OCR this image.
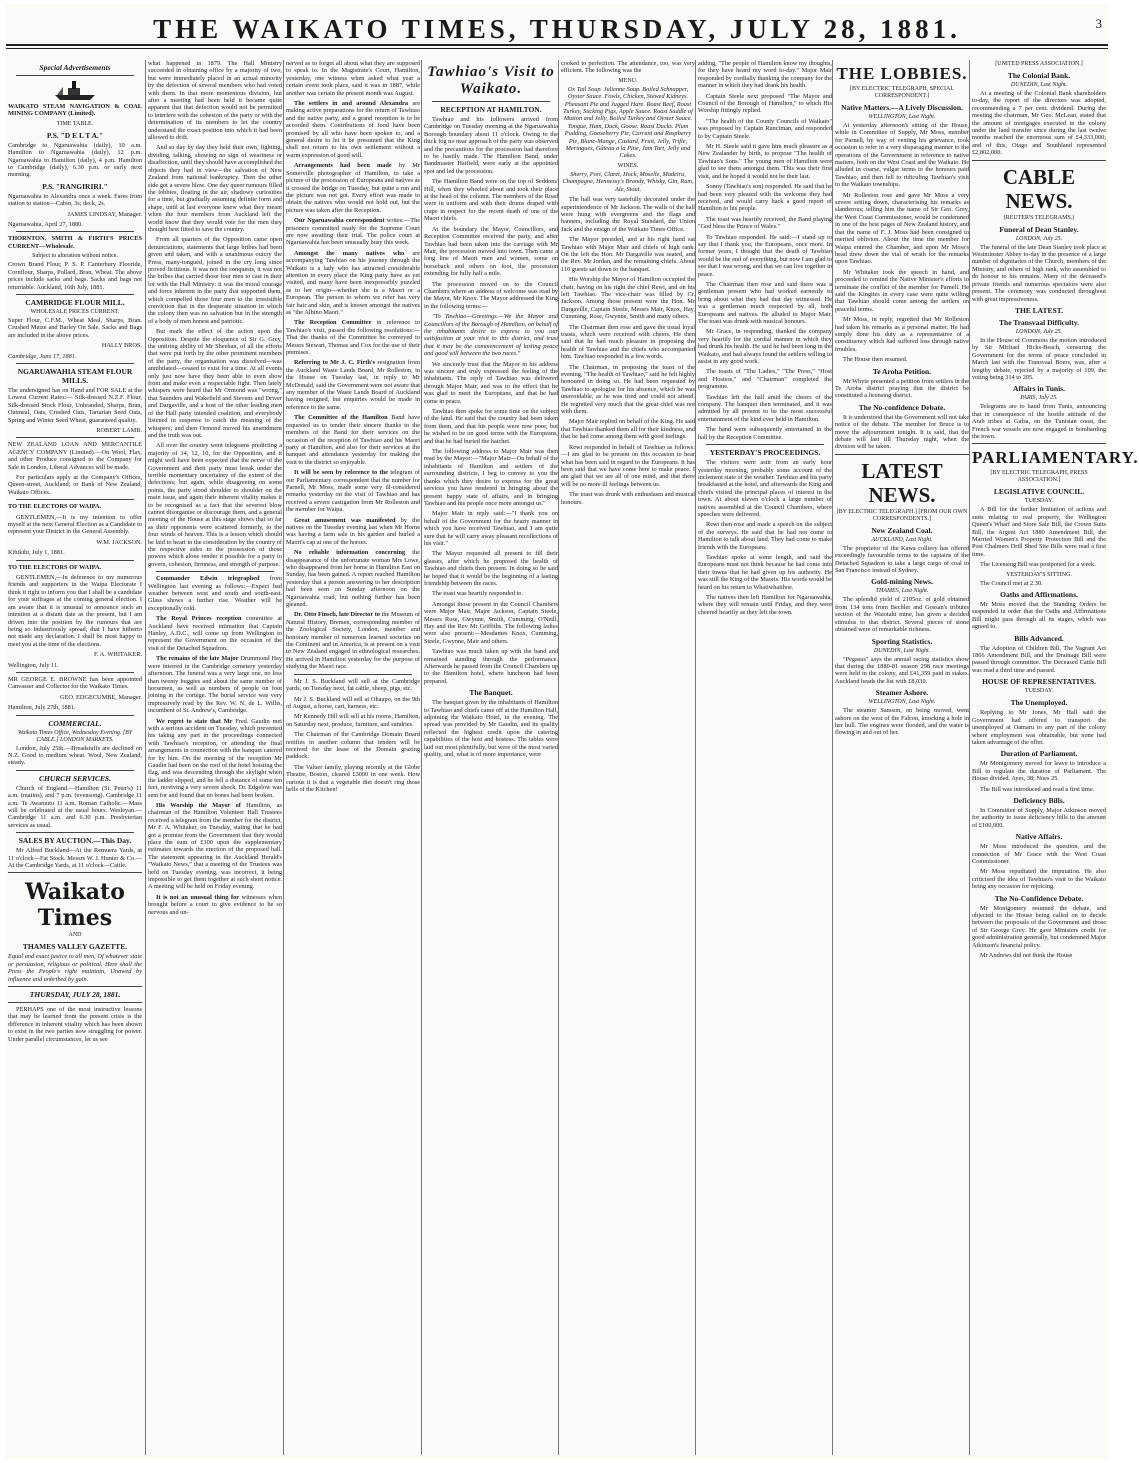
THE WAIKATO TIMES, THURSDAY, JULY 28, 1881.	3
Special Advertisements

WAIKATO STEAM NAVIGATION & COAL MINING COMPANY (Limited).

TIME TABLE.
P.S. "D E L T A."

Cambridge to Ngaruawahia (daily), 10 a.m. Hamilton to Ngaruawahia (daily), 12 p.m. Ngaruawahia to Hamilton (daily), 4 p.m. Hamilton to Cambridge (daily), 6.30 p.m. or early next morning.

P.S. "RANGIRIRI."

Ngaruawahia to Alexandra once a week. Fares from station to station—Cabin, 3s; deck, 2s.

JAMES LINDSAY, Manager.

Ngaruawahia, April 27, 1880.

THORNTON, SMITH & FIRTH'S PRICES CURRENT—Wholesale.

Subject to alteration without notice.

Crown Brand Flour, P. S. P. Canterbury Flooride, Cornflour, Sharps, Pollard, Bran, Wheat. The above prices include sacks and bags. Sacks and bags not returnable. Auckland, 16th July, 1881.

CAMBRIDGE FLOUR MILL.
WHOLESALE PRICES CURRENT.

Super Flour, C.F.M., Wheat Meal, Sharps, Bran. Crushed Maize and Barley On Sale. Sacks and Bags are included in the above prices.

HALLY BROS.

Cambridge, June 17, 1881.

NGARUAWAHIA STEAM FLOUR MILLS.

The undersigned has on Hand and FOR SALE at the Lowest Current Rates:— Silk-dressed N.Z.F. Flour, Silk-dressed Stock Flour, Unbranded, Sharps, Bran, Oatmeal, Oats, Crushed Oats, Tartarian Seed Oats, Spring and Winter Seed Wheat, guaranteed quality.

ROBERT LAMB.

NEW ZEALAND LOAN AND MERCANTILE AGENCY COMPANY (Limited).—On Wool, Flax, and other Produce consigned to the Company for Sale in London, Liberal Advances will be made.

For particulars apply at the Company's Offices, Queen-street, Auckland; or Bank of New Zealand, Waikato Offices.

TO THE ELECTORS OF WAIPA.

GENTLEMEN,—It is my intention to offer myself at the next General Election as a Candidate to represent your District in the General Assembly.

W.M. JACKSON.

Kihikihi, July 1, 1881.

TO THE ELECTORS OF WAIPA.

GENTLEMEN,—In deference to my numerous friends and supporters in the Waipa Electorate I think it right to inform you that I shall be a candidate for your suffrages at the coming general election. I am aware that it is unusual to announce such an intention at a distant date as the present, but I am driven into the position by the rumours that are being so industriously spread, that I have hitherto not made any declaration. I shall be most happy to meet you at the time of the elections.

F. A. WHITAKER.

Wellington, July 11.

MR GEORGE E. BROWNE has been appointed Canvasser and Collector for the Waikato Times.

GEO. EDGECUMBE, Manager.

Hamilton, July 27th, 1881.

COMMERCIAL.
Waikato Times Office, Wednesday Evening. [BY CABLE.] LONDON MARKETS.

London, July 25th.—Breadstuffs are declined on N.Z. Good to medium wheat. Wool, New Zealand, steady.

CHURCH SERVICES.

Church of England.—Hamilton (St. Peter's) 11 a.m. (matins), and 7 p.m. (evensong). Cambridge 11 a.m. Te Awamutu 11 a.m. Roman Catholic.—Mass will be celebrated at the usual hours. Wesleyan.—Cambridge 11 a.m. and 6.30 p.m. Presbyterian services as usual.

SALES BY AUCTION.—This Day.

Mr Alfred Buckland—At the Remuera Yards, at 11 o'clock—Fat Stock. Messrs W. J. Hunter & Co.—At the Cambridge Yards, at 11 o'clock—Cattle.

Waikato Times
AND
THAMES VALLEY GAZETTE.

Equal and exact justice to all men, Of whatever state or persuasion, religious or political. Here shall the Press the People's right maintain, Unawed by influence and unbribed by gain.

THURSDAY, JULY 28, 1881.

PERHAPS one of the most instructive lessons that may be learned from the present crisis is the difference in inherent vitality which has been shown to exist in the two parties now struggling for power. Under parallel circumstances, let us see

what happened in 1879. The Hall Ministry succeeded in obtaining office by a majority of two, but were immediately placed in an actual minority by the defection of several members who had voted with them. In that more momentous division, but after a meeting had been held it became quite apparent that that defection would not be permitted to interfere with the cohesion of the party or with the determination of its members to let the country understand the exact position into which it had been allowed to drift.

And so day by day they held their own, fighting, dividing, talking, showing no sign of weariness or disaffection, until they should have accomplished the objects they had in view—the salvation of New Zealand from national bankruptcy. Then the other side got a severe blow. One day queer rumours filled the lobbies, floating in the air, shadowy curiosities for a time, but gradually assuming definite form and shape, until at last everyone knew what they meant when the four members from Auckland left the world know that they would vote for the men they thought best fitted to save the country.

From all quarters of the Opposition came open denunciations, statements that large bribes had been given and taken, and with a unanimous outcry the Press, many-tongued, joined in the cry long since proved fictitious. It was not the conquests, it was not the bribes that carried those four men to cast in their lot with the Hall Ministry: it was the moral courage and force inherent in the party that supported them, which compelled those four men to the irresistible conviction that in the desperate situation in which the colony then was no salvation but in the strength of a body of men honest and patriotic.

But mark the effect of the action upon the Opposition. Despite the eloquence of Sir G. Grey, the untiring ability of Mr Sheehan, of all the efforts that were put forth by the other prominent members of the party, the organisation was dissolved—was annihilated—ceased to exist for a time. At all events only just now have they been able to even show front and make even a respectable fight. Then lately whispers were heard that Mr Ormond was "wrong," that Saunders and Wakefield and Stevens and Driver and Dargaville, and a host of the other leading men of the Hall party intended coalition, and everybody listened in suspense to catch the meaning of the whispers; and then Ormond moved his amendment and the truth was out.

All over the country went telegrams predicting a majority of 14, 12, 10, for the Opposition, and it might well have been expected that the nerve of the Government and their party must break under the terrible momentary uncertainty of the extent of the defections; but again, while disagreeing on some points, the party stood shoulder to shoulder on the main issue, and again their inherent vitality makes it to be recognised as a fact that the severest blow cannot disorganise or discourage them, and a general meeting of the House at this stage shows that so far as their opponents were scattered formerly, to the four winds of heaven. This is a lesson which should be laid to heart in the consideration by the country of the respective sides to the possession of those powers which alone render it possible for a party to govern, cohesion, firmness, and strength of purpose.

Commander Edwin telegraphed from Wellington last evening as follows:—Expect bad weather between west and south and south-east. Glass shows a further rise. Weather will be exceptionally cold.

The Royal Princes reception committee at Auckland have received intimation that Captain Hanley, A.D.C., will come up from Wellington to represent the Government on the occasion of the visit of the Detached Squadron.

The remains of the late Major Drummond Hay were interred in the Cambridge cemetery yesterday afternoon. The funeral was a very large one, no less than twenty buggies and about the same number of horsemen, as well as numbers of people on foot joining in the cortège. The burial service was very impressively read by the Rev. W. N. de L. Willis, incumbent of St. Andrew's, Cambridge.

We regret to state that Mr Fred. Gaudin met with a serious accident on Tuesday, which prevented his taking any part in the proceedings connected with Tawhiao's reception, or attending the final arrangements in connection with the banquet catered for by him. On the morning of the reception Mr Gaudin had been on the roof of the hotel hoisting the flag, and was descending through the skylight when the ladder slipped, and he fell a distance of some ten feet, receiving a very severe shock. Dr. Edgelow was sent for and found that no bones had been broken.

His Worship the Mayor of Hamilton, as chairman of the Hamilton Volunteer Hall Trustees received a telegram from the member for the district, Mr F. A. Whitaker, on Tuesday, stating that he had got a promise from the Government that they would place the sum of £100 upon the supplementary estimates towards the erection of the proposed hall. The statement appearing in the Auckland Herald's "Waikato News," that a meeting of the Trustees was held on Tuesday evening, was incorrect, it being impossible to get them together at such short notice. A meeting will be held on Friday evening.

It is not an unusual thing for witnesses when brought before a court to give evidence to be so nervous and un-

nerved as to forget all about what they are supposed to speak to. In the Magistrate's Court, Hamilton, yesterday, one witness when asked what year a certain event took place, said it was in 1887, while another was certain the present month was August.

The settlers in and around Alexandra are making active preparations for the return of Tawhiao and the native party, and a grand reception is to be accorded them. Contributions of food have been promised by all who have been spoken to, and a general desire to let it be presumed that the King shall not return to his own settlement without a warm expression of good will.

Arrangements had been made by Mr Somerville photographer of Hamilton, to take a picture of the procession of Europeans and natives as it crossed the bridge on Tuesday, but quite a run and the picture was not got. Every effort was made to obtain the natives who would not hold out, but the picture was taken after the Reception.

Our Ngaruawahia correspondent writes:—The prisoners committed ready for the Supreme Court are now awaiting their trial. The police court at Ngaruawahia has been unusually busy this week.

Amongst the many natives who are accompanying Tawhiao on his journey through the Waikato is a lady who has attracted considerable attention in every place the King party have as yet visited, and many have been inexpressibly puzzled as to her origin—whether she is a Maori or a European. The person to whom we refer has very fair hair and skin, and is known amongst the natives as "the Albino Maori."

The Reception Committee in reference to Tawhiao's visit, passed the following resolutions:—That the thanks of the Committee be conveyed to Messrs Stewart, Thomas and Cox for the use of their premises.

Referring to Mr J. C. Firth's resignation from the Auckland Waste Lands Board, Mr Rolleston, in the House on Tuesday last, in reply to Mr McDonald, said the Government were not aware that any member of the Waste Lands Board of Auckland having resigned, but enquiries would be made in reference to the same.

The Committee of the Hamilton Band have requested us to tender their sincere thanks to the members of the Band for their services on the occasion of the reception of Tawhiao and his Maori party at Hamilton, and also for their services at the banquet and attendance yesterday for making the visit to the district so enjoyable.

It will be seen by reference to the telegram of our Parliamentary correspondent that the number for Parnell, Mr Moss, made some very ill-considered remarks yesterday on the visit of Tawhiao and has received a severe castigation from Mr Rolleston and the member for Waipa.

Great amusement was manifested by the natives on the Tuesday evening last when Mr Horne was having a farm sale in his garden and hurled a Maori's cap at one of the horses.

No reliable information concerning the disappearance of the unfortunate woman Mrs Lowe, who disappeared from her home in Hamilton East on Sunday, has been gained. A report reached Hamilton yesterday that a person answering to her description had been seen on Sunday afternoon on the Ngaruawahia road, but nothing further has been gleaned.

Dr. Otto Finsch, late Director to the Museum of Natural History, Bremen, corresponding member of the Zoological Society, London, member and honorary member of numerous learned societies on the Continent and in America, is at present on a visit to New Zealand engaged in ethnological researches. He arrived in Hamilton yesterday for the purpose of studying the Maori race.

Mr J. S. Buckland will sell at the Cambridge yards, on Tuesday next, fat cattle, sheep, pigs, etc.

Mr J. S. Buckland will sell at Ohaupo, on the 9th of August, a horse, cart, harness, etc.

Mr Kennedy Hill will sell at his rooms, Hamilton, on Saturday next, produce, furniture, and sundries.

The Chairman of the Cambridge Domain Board notifies in another column that tenders will be received for the lease of the Domain grazing paddock.

The Valuer family, playing recently at the Globe Theatre, Boston, cleared £3000 in one week. How curious it is that a vegetable diet doesn't ring those bells of the Kitchen!

Tawhiao's Visit to Waikato.
RECEPTION AT HAMILTON.

Tawhiao and his followers arrived from Cambridge on Tuesday morning at the Ngaruawahia Borough boundary about 11 o'clock. Owing to the thick fog no near approach of the party was observed and the precautions for the procession had therefore to be hastily made. The Hamilton Band, under Bandmaster Hatfield, were early at the appointed spot and led the procession.

The Hamilton Band were on the top of Seddons' Hill, when they wheeled about and took their place at the head of the column. The members of the Road were in uniform and with their drums draped with crape in respect for the recent death of one of the Maori chiefs.

At the boundary the Mayor, Councillors, and Reception Committee received the party, and after Tawhiao had been taken into the carriage with Mr Mair, the procession moved into town. Then came a long line of Maori men and women, some on horseback and others on foot, the procession extending for fully half a mile.

The procession moved on to the Council Chambers where an address of welcome was read by the Mayor, Mr Knox. The Mayor addressed the King in the following terms:—

"To Tawhiao—Greetings.—We the Mayor and Councillors of the Borough of Hamilton, on behalf of the inhabitants desire to express to you our satisfaction at your visit to this district, and trust that it may be the commencement of lasting peace and good will between the two races."

We sincerely trust that the Mayor in his address was sincere and truly expressed the feeling of the inhabitants. The reply of Tawhiao was delivered through Major Mair, and was to the effect that he was glad to meet the Europeans, and that he had come in peace.

Tawhiao then spoke for some time on the subject of the land. He said that the country had been taken from them, and that his people were now poor, but he wished to be on good terms with the Europeans, and that he had buried the hatchet.

The following address to Major Mair was then read by the Mayor:—"Major Mair—On behalf of the inhabitants of Hamilton and settlers of the surrounding districts, I beg to convey to you the thanks which they desire to express for the great services you have rendered in bringing about the present happy state of affairs, and in bringing Tawhiao and his people once more amongst us."

Major Mair in reply said:—"I thank you on behalf of the Government for the hearty manner in which you have received Tawhiao, and I am quite sure that he will carry away pleasant recollections of his visit."

The Mayor requested all present to fill their glasses, after which he proposed the health of Tawhiao and chiefs then present. In doing so he said he hoped that it would be the beginning of a lasting friendship between the races.

The toast was heartily responded to.

Amongst those present in the Council Chambers were Major Mair, Major Jackson, Captain Steele, Messrs Rose, Gwynne, Smith, Cumming, O'Neill, Hay and the Rev Mr Griffiths. The following ladies were also present:—Mesdames Knox, Cumming, Steele, Gwynne, Mair and others.

Tawhiao was much taken up with the band and remained standing through the performance. Afterwards he passed from the Council Chambers up to the Hamilton hotel, where luncheon had been prepared.

The Banquet.

The banquet given by the inhabitants of Hamilton to Tawhiao and chiefs came off at the Hamilton Hall, adjoining the Waikato Hotel, in the evening. The spread was provided by Mr Gaudin, and its quality reflected the highest credit upon the catering capabilities of the host and hostess. The tables were laid out most plentifully, but were of the most varied quality, and, what is of more importance, were

cooked to perfection. The attendance, too, was very efficient. The following was the

MENU.

Ox Tail Soup. Julienne Soup. Boiled Schnapper, Oyster Sauce. Fowls, Chicken, Stewed Kidneys. Pheasant Pie and Jugged Hare. Roast Beef, Roast Turkey, Sucking Pigs, Apple Sauce. Roast Saddle of Mutton and Jelly, Boiled Turkey and Oyster Sauce. Tongue, Ham, Duck, Goose. Roast Ducks. Plum Pudding, Gooseberry Pie, Currant and Raspberry Pie, Blanc-Mange, Custard, Fruit, Jelly, Trifle, Meringues, Gâteau a la Pine, Jam Tart, Jelly and Cakes.

WINES.

Sherry, Port, Claret, Hock, Moselle, Madeira, Champagne, Hennessy's Brandy, Whisky, Gin, Rum, Ale, Stout.

The hall was very tastefully decorated under the superintendence of Mr Jackson. The walls of the hall were hung with evergreens and the flags and banners, including the Royal Standard, the Union Jack and the ensign of the Waikato Times Office.

The Mayor presided, and at his right hand sat Tawhiao with Major Mair and chiefs of high rank. On the left the Hon. Mr Dargaville was seated, and the Rev. Mr Jordan, and the remaining chiefs. About 110 guests sat down to the banquet.

His Worship the Mayor of Hamilton occupied the chair, having on his right the chief Rewi, and on his left Tawhiao. The vice-chair was filled by Cr. Jackson. Among those present were the Hon. Mr Dargaville, Captain Steele, Messrs Mair, Knox, Hay, Cumming, Rose, Gwynne, Smith and many others.

The Chairman then rose and gave the usual loyal toasts, which were received with cheers. He then said that he had much pleasure in proposing the health of Tawhiao and the chiefs who accompanied him. Tawhiao responded in a few words.

The Chairman, in proposing the toast of the evening, "The health of Tawhiao," said he felt highly honoured in doing so. He had been requested by Tawhiao to apologise for his absence, which he was unavoidable, as he was tired and could not attend. He regretted very much that the great chief was not with them.

Major Mair replied on behalf of the King. He said that Tawhiao thanked them all for their kindness, and that he had come among them with good feelings.

Rewi responded in behalf of Tawhiao as follows:—I am glad to be present on this occasion to hear what has been said in regard to the Europeans. It has been said that we have come here to make peace. I am glad that we are all of one mind, and that there will be no more ill feelings between us.

The toast was drunk with enthusiasm and musical honours.

adding, "The people of Hamilton know my thoughts, for they have heard my word to-day." Major Mair responded by cordially thanking the company for the manner in which they had drank his health.

Captain Steele next proposed "The Mayor and Council of the Borough of Hamilton," to which His Worship fittingly replied.

"The health of the County Councils of Waikato" was proposed by Captain Runciman, and responded to by Captain Steele.

Mr H. Steele said it gave him much pleasure as a New Zealander by birth, to propose "The health of Tawhiao's Sons." The young men of Hamilton were glad to see them amongst them. This was their first visit, and he hoped it would not be their last.

Sonny (Tawhiao's son) responded. He said that he had been very pleased with the welcome they had received, and would carry back a good report of Hamilton to his people.

The toast was heartily received, the Band playing "God bless the Prince of Wales."

To Tawhiao responded. He said:—I stand up to say that I thank you, the Europeans, once more. In former years, I thought that the death of Tawhiao would be the end of everything, but now I am glad to see that I was wrong, and that we can live together in peace.

The Chairman then rose and said there was a gentleman present who had worked earnestly to bring about what they had that day witnessed. He was a gentleman much respected by all, both Europeans and natives. He alluded to Major Mair. The toast was drunk with musical honours.

Mr Grace, in responding, thanked the company very heartily for the cordial manner in which they had drunk his health. He said he had been long in the Waikato, and had always found the settlers willing to assist in any good work.

The toasts of "The Ladies," "The Press," "Host and Hostess," and "Chairman" completed the programme.

Tawhiao left the hall amid the cheers of the company. The banquet then terminated, and it was admitted by all present to be the most successful entertainment of the kind ever held in Hamilton.

The band were subsequently entertained in the hall by the Reception Committee.

YESTERDAY'S PROCEEDINGS.

The visitors were astir from an early hour yesterday morning, probably some account of the inclement state of the weather. Tawhiao and his party breakfasted at the hotel, and afterwards the King and chiefs visited the principal places of interest in the town. At about eleven o'clock a large number of natives assembled at the Council Chambers, where speeches were delivered.

Rewi then rose and made a speech on the subject of the surveys. He said that he had not come to Hamilton to talk about land. They had come to make friends with the Europeans.

Tawhiao spoke at some length, and said the Europeans must not think because he had come into their towns that he had given up his authority. He was still the King of the Maoris. His words would be heard on his return to Whatiwhatihoe.

The natives then left Hamilton for Ngaruawahia, where they will remain until Friday, and they were cheered heartily as they left the town.

THE LOBBIES.
[BY ELECTRIC TELEGRAPH, SPECIAL CORRESPONDENT.]
Native Matters.—A Lively Discussion.
WELLINGTON, Last Night.

At yesterday afternoon's sitting of the House, while in Committee of Supply, Mr Moss, member for Parnell, by way of venting his grievance, took occasion to refer in a very disparaging manner to the operations of the Government in reference to native matters, both on the West Coast and the Waikato. He alluded in coarse, vulgar terms to the honours paid Tawhiao, and then fell to ridiculing Tawhiao's visit to the Waikato townships.

Mr Rolleston rose and gave Mr Moss a very severe setting down, characterising his remarks as slanderous; telling him the name of Sir Geo. Grey, the West Coast Commissioner, would be condemned in one of the best pages of New Zealand history, and that the name of F. J. Moss had been consigned to merited oblivion. About the time the member for Waipa entered the Chamber, and upon Mr Moss's head drew down the vial of wrath for the remarks upon Tawhiao.

Mr Whitaker took the speech in hand, and proceeded to remind the Native Minister's efforts to terminate the conflict of the member for Parnell. He said the Kingites in every case were quite willing that Tawhiao should come among the settlers on peaceful terms.

Mr Moss, in reply, regretted that Mr Rolleston had taken his remarks as a personal matter. He had simply done his duty as a representative of a constituency which had suffered loss through native troubles.

The House then resumed.

Te Aroha Petition.

Mr Whyte presented a petition from settlers in the Te Aroha district praying that the district be constituted a licensing district.

The No-confidence Debate.

It is understood that the Government will not take notice of the debate. The member for Bruce is to move the adjournment tonight. It is said, that the debate will last till Thursday night, when the division will be taken.

LATEST NEWS.
[BY ELECTRIC TELEGRAPH.] [FROM OUR OWN CORRESPONDENTS.]
New Zealand Coal.
AUCKLAND, Last Night.

The proprietor of the Kawa colliery has offered exceedingly favourable terms to the captains of the Detached Squadron to take a large cargo of coal to San Francisco instead of Sydney.

Gold-mining News.
THAMES, Last Night.

The splendid yield of 2105oz. of gold obtained from 134 tons from Bechler and Gossan's tributes section of the Waiotahi mine, has given a decided stimulus to that district. Several pieces of stone obtained were of remarkable richness.

Sporting Statistics.
DUNEDIN, Last Night.

"Pegasus" says the annual racing statistics show that during the 1880-81 season 298 race meetings were held in the colony, and £41,359 paid in stakes. Auckland heads the list with £8,030.

Steamer Ashore.
WELLINGTON, Last Night.

The steamer Samson, on being moved, went ashore on the west of the Falcon, knocking a hole in her hull. The engines were flooded, and the water is flowing in and out of her.

[UNITED PRESS ASSOCIATION.]
The Colonial Bank.
DUNEDIN, Last Night.

At a meeting of the Colonial Bank shareholders to-day, the report of the directors was adopted, recommending a 7 per cent. dividend. During the meeting the chairman, Mr Geo. McLean, stated that the amount of mortgages executed in the colony under the land transfer since during the last twelve months reached the enormous sum of £4,333,000; and of this, Otago and Southland represented £2,802,000.

CABLE NEWS.
(REUTER'S TELEGRAMS.)
Funeral of Dean Stanley.
LONDON, July 25.

The funeral of the late Dean Stanley took place at Westminster Abbey to-day in the presence of a large number of dignitaries of the Church, members of the Ministry, and others of high rank, who assembled to do honour to his remains. Many of the deceased's private friends and numerous spectators were also present. The ceremony was conducted throughout with great impressiveness.

THE LATEST.
The Transvaal Difficulty.
LONDON, July 25.

In the House of Commons the motion introduced by Sir Michael Hicks-Beach, censuring the Government for the terms of peace concluded in March last with the Transvaal Boers, was, after a lengthy debate, rejected by a majority of 109, the voting being 314 to 205.

Affairs in Tunis.
PARIS, July 25.

Telegrams are to hand from Tunis, announcing that in consequence of the hostile attitude of the Arab tribes at Gafsa, on the Tunisian coast, the French war vessels are now engaged in bombarding the town.

PARLIAMENTARY.
[BY ELECTRIC TELEGRAPH, PRESS ASSOCIATION.]
LEGISLATIVE COUNCIL.
TUESDAY.

A Bill for the further limitation of actions and suits relating to real property, the Wellington Queen's Wharf and Store Sale Bill, the Crown Suits Bill, the Argent Act 1880 Amendment Bill, the Married Women's Property Protection Bill and the Post Chalmers Drill Shed Site Bills were read a first time.

The Licensing Bill was postponed for a week.

YESTERDAY'S SITTING.

The Council met at 2.30.

Oaths and Affirmations.

Mr Moss moved that the Standing Orders be suspended in order that the Oaths and Affirmations Bill might pass through all its stages, which was agreed to.

Bills Advanced.

The Adoption of Children Bill, The Vagrant Act 1866 Amendment Bill, and the Drainage Bill were passed through committee. The Deceased Cattle Bill was read a third time and passed.

HOUSE OF REPRESENTATIVES.
TUESDAY.
The Unemployed.

Replying to Mr Jones, Mr Hall said the Government had offered to transport the unemployed at Oamaru to any part of the colony where employment was obtainable, but none had taken advantage of the offer.

Duration of Parliament.

Mr Montgomery moved for leave to introduce a Bill to regulate the duration of Parliament. The House divided. Ayes, 38; Noes 25.

The Bill was introduced and read a first time.

Deficiency Bills.

In Committee of Supply, Major Atkinson moved for authority to issue deficiency bills to the amount of £100,000.

Native Affairs.

Mr Moss introduced the question, and the connection of Mr Grace with the West Coast Commissioner.

Mr Moss repudiated the imputation. He also criticised the idea of Tawhiao's visit to the Waikato being any occasion for rejoicing.

The No-Confidence Debate.

Mr Montgomery resumed the debate, and objected to the House being called on to decide between the proposals of the Government and those of Sir George Grey. He gave Ministers credit for good administration generally, but condemned Major Atkinson's financial policy.

Mr Andrews did not think the House
